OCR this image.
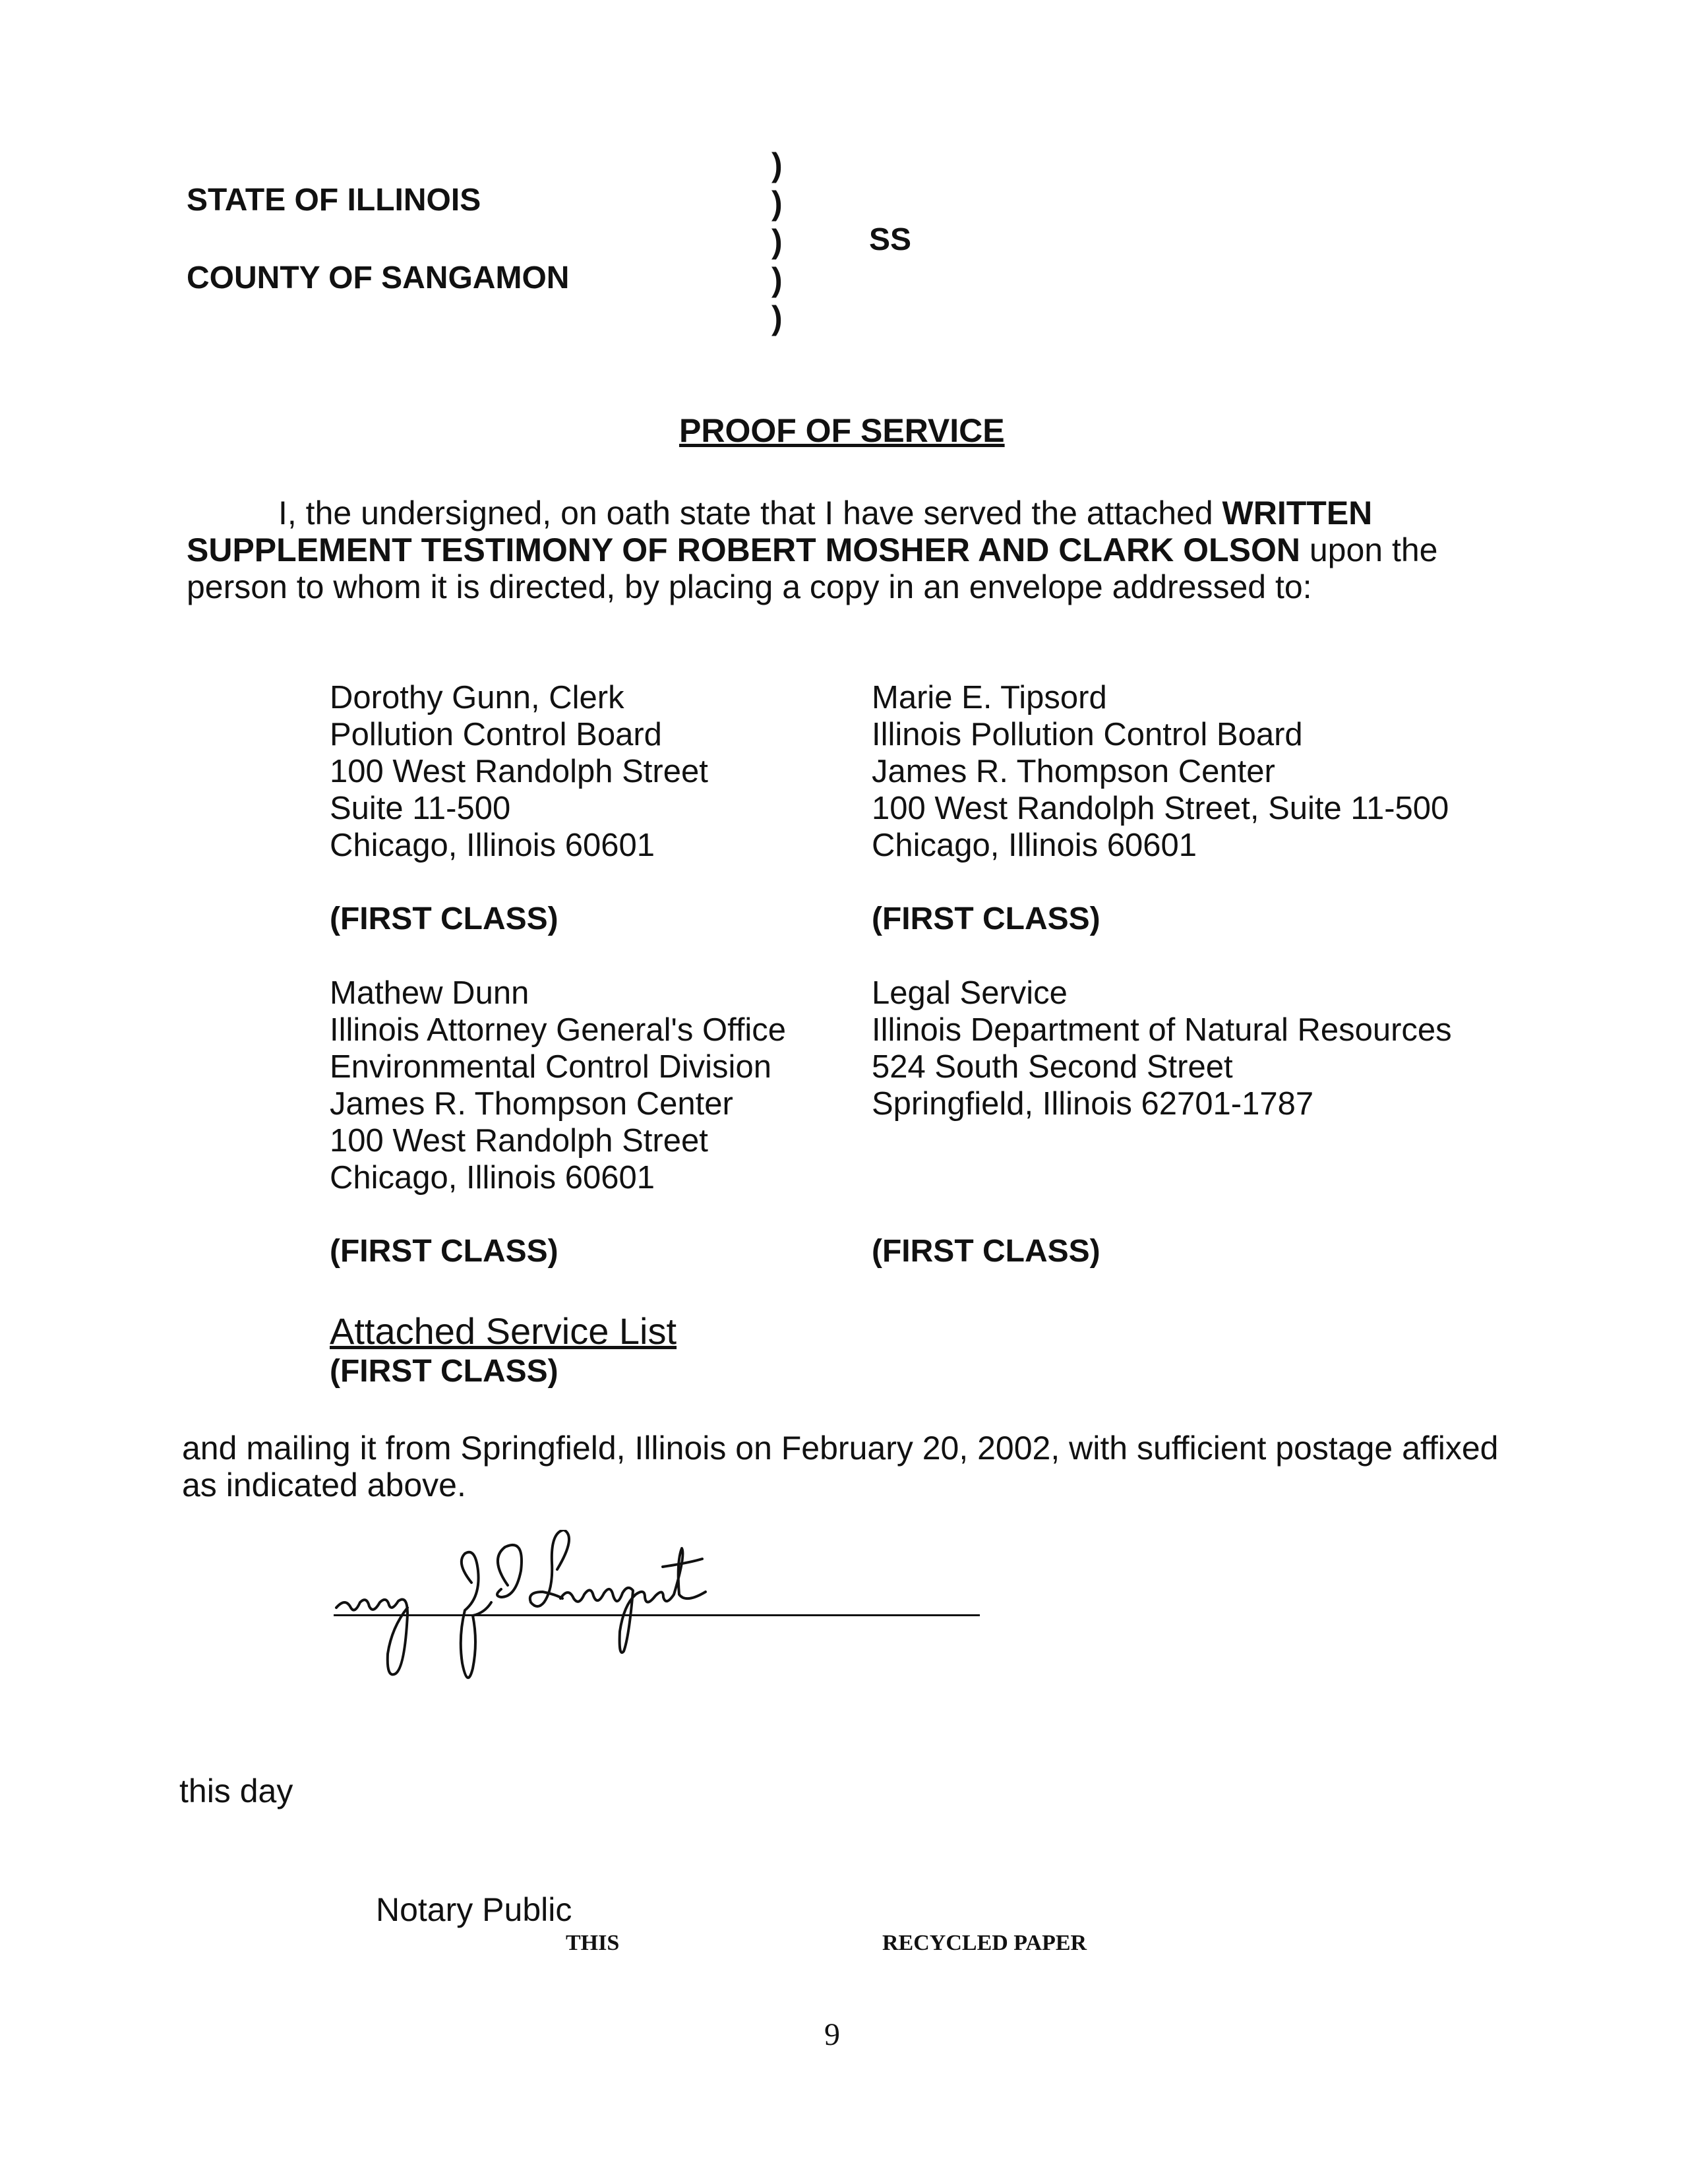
STATE OF ILLINOIS
COUNTY OF SANGAMON
)
)
)
)
)
SS
PROOF OF SERVICE
I, the undersigned, on oath state that I have served the attached WRITTEN
SUPPLEMENT TESTIMONY OF ROBERT MOSHER AND CLARK OLSON upon the
person to whom it is directed, by placing a copy in an envelope addressed to:
Dorothy Gunn, Clerk
Pollution Control Board
100 West Randolph Street
Suite 11-500
Chicago, Illinois 60601
(FIRST CLASS)
Marie E. Tipsord
Illinois Pollution Control Board
James R. Thompson Center
100 West Randolph Street, Suite 11-500
Chicago, Illinois 60601
(FIRST CLASS)
Mathew Dunn
Illinois Attorney General's Office
Environmental Control Division
James R. Thompson Center
100 West Randolph Street
Chicago, Illinois 60601
(FIRST CLASS)
Legal Service
Illinois Department of Natural Resources
524 South Second Street
Springfield, Illinois 62701-1787
(FIRST CLASS)
Attached Service List
(FIRST CLASS)
and mailing it from Springfield, Illinois on February 20, 2002, with sufficient postage affixed
as indicated above.
this day
Notary Public
THIS	RECYCLED PAPER
9
